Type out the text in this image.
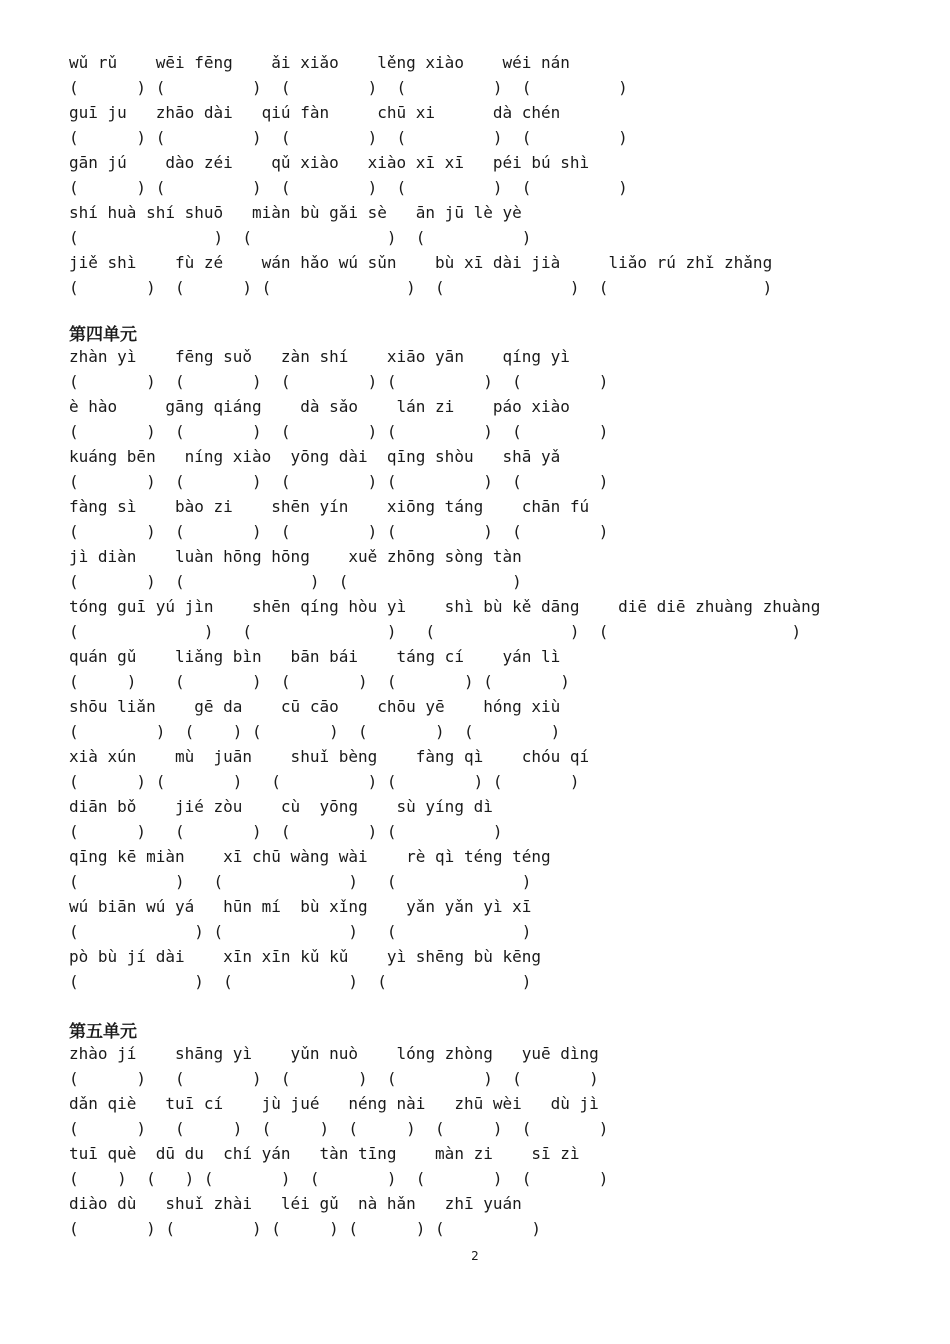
wǔ rǔ    wēi fēng    ǎi xiǎo    lěng xiào    wéi nán
(      ) (         )  (        )  (         )  (         )
guī ju   zhāo dài   qiú fàn     chū xi      dà chén
(      ) (         )  (        )  (         )  (         )
gān jú    dào zéi    qǔ xiào   xiào xī xī   péi bú shì
(      ) (         )  (        )  (         )  (         )
shí huà shí shuō   miàn bù gǎi sè   ān jū lè yè
(              )  (              )  (          )
jiě shì    fù zé    wán hǎo wú sǔn    bù xī dài jià     liǎo rú zhǐ zhǎng
(       )  (      ) (              )  (             )  (                )
第四单元
zhàn yì    fēng suǒ   zàn shí    xiāo yān    qíng yì
(       )  (       )  (        ) (         )  (        )
è hào     gāng qiáng    dà sǎo    lán zi    páo xiào
(       )  (       )  (        ) (         )  (        )
kuáng bēn   níng xiào  yōng dài  qīng shòu   shā yǎ
(       )  (       )  (        ) (         )  (        )
fàng sì    bào zi    shēn yín    xiōng táng    chān fú
(       )  (       )  (        ) (         )  (        )
jì diàn    luàn hōng hōng    xuě zhōng sòng tàn
(       )  (             )  (                 )
tóng guī yú jìn    shēn qíng hòu yì    shì bù kě dāng    diē diē zhuàng zhuàng
(             )   (              )   (              )  (                   )
quán gǔ    liǎng bìn   bān bái    táng cí    yán lì
(     )    (       )  (       )  (       ) (       )
shōu liǎn    gē da    cū cāo    chōu yē    hóng xiù
(        )  (    ) (       )  (       )  (        )
xià xún    mù  juān    shuǐ bèng    fàng qì    chóu qí
(      ) (       )   (         ) (        ) (       )
diān bǒ    jié zòu    cù  yōng    sù yíng dì
(      )   (       )  (        ) (          )
qīng kē miàn    xī chū wàng wài    rè qì téng téng
(          )   (             )   (             )
wú biān wú yá   hūn mí  bù xǐng    yǎn yǎn yì xī
(            ) (             )   (             )
pò bù jí dài    xīn xīn kǔ kǔ    yì shēng bù kēng
(            )  (            )  (              )
第五单元
zhào jí    shāng yì    yǔn nuò    lóng zhòng   yuē dìng
(      )   (       )  (       )  (         )  (       )
dǎn qiè   tuī cí    jù jué   néng nài   zhū wèi   dù jì
(      )   (     )  (     )  (     )  (     )  (       )
tuī què  dū du  chí yán   tàn tīng    màn zi    sī zì
(    )  (   ) (       )  (       )  (       )  (       )
diào dù   shuǐ zhài   léi gǔ  nà hǎn   zhī yuán
(       ) (        ) (     ) (      ) (         )
2
